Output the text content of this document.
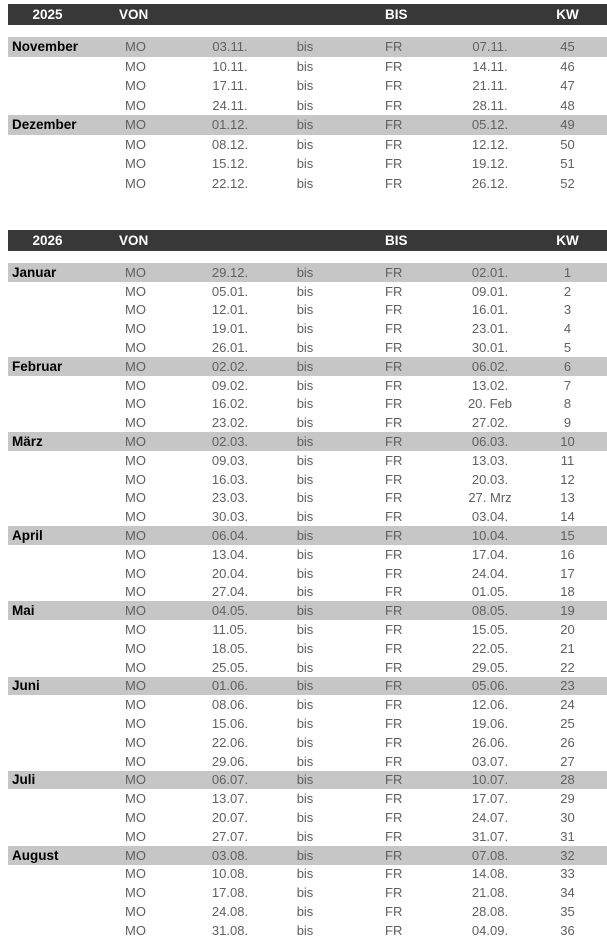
2025	VON	BIS	KW
November	MO	03.11.	bis	FR	07.11.	45
MO	10.11.	bis	FR	14.11.	46
MO	17.11.	bis	FR	21.11.	47
MO	24.11.	bis	FR	28.11.	48
Dezember	MO	01.12.	bis	FR	05.12.	49
MO	08.12.	bis	FR	12.12.	50
MO	15.12.	bis	FR	19.12.	51
MO	22.12.	bis	FR	26.12.	52
2026	VON	BIS	KW
Januar	MO	29.12.	bis	FR	02.01.	1
MO	05.01.	bis	FR	09.01.	2
MO	12.01.	bis	FR	16.01.	3
MO	19.01.	bis	FR	23.01.	4
MO	26.01.	bis	FR	30.01.	5
Februar	MO	02.02.	bis	FR	06.02.	6
MO	09.02.	bis	FR	13.02.	7
MO	16.02.	bis	FR	20. Feb	8
MO	23.02.	bis	FR	27.02.	9
März	MO	02.03.	bis	FR	06.03.	10
MO	09.03.	bis	FR	13.03.	11
MO	16.03.	bis	FR	20.03.	12
MO	23.03.	bis	FR	27. Mrz	13
MO	30.03.	bis	FR	03.04.	14
April	MO	06.04.	bis	FR	10.04.	15
MO	13.04.	bis	FR	17.04.	16
MO	20.04.	bis	FR	24.04.	17
MO	27.04.	bis	FR	01.05.	18
Mai	MO	04.05.	bis	FR	08.05.	19
MO	11.05.	bis	FR	15.05.	20
MO	18.05.	bis	FR	22.05.	21
MO	25.05.	bis	FR	29.05.	22
Juni	MO	01.06.	bis	FR	05.06.	23
MO	08.06.	bis	FR	12.06.	24
MO	15.06.	bis	FR	19.06.	25
MO	22.06.	bis	FR	26.06.	26
MO	29.06.	bis	FR	03.07.	27
Juli	MO	06.07.	bis	FR	10.07.	28
MO	13.07.	bis	FR	17.07.	29
MO	20.07.	bis	FR	24.07.	30
MO	27.07.	bis	FR	31.07.	31
August	MO	03.08.	bis	FR	07.08.	32
MO	10.08.	bis	FR	14.08.	33
MO	17.08.	bis	FR	21.08.	34
MO	24.08.	bis	FR	28.08.	35
MO	31.08.	bis	FR	04.09.	36
